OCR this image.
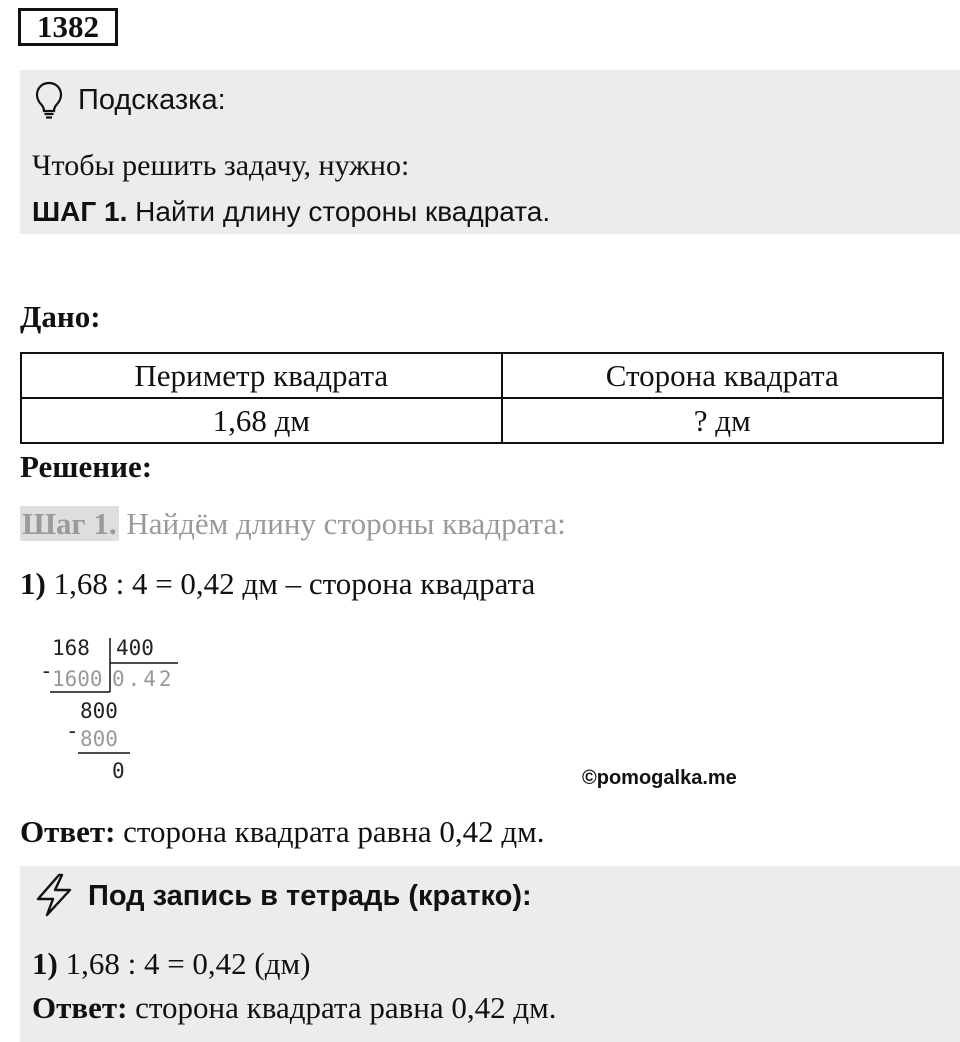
1382
Подсказка:
Чтобы решить задачу, нужно:
ШАГ 1. Найти длину стороны квадрата.
Дано:
Периметр квадрата	Сторона квадрата
1,68 дм	? дм
Решение:
Шаг 1. Найдём длину стороны квадрата:
1) 1,68 : 4 = 0,42 дм – сторона квадрата
168 400
- 1600 0.42
800
- 800
0	©pomogalka.me
Ответ: сторона квадрата равна 0,42 дм.
Под запись в тетрадь (кратко):
1) 1,68 : 4 = 0,42 (дм)
Ответ: сторона квадрата равна 0,42 дм.
